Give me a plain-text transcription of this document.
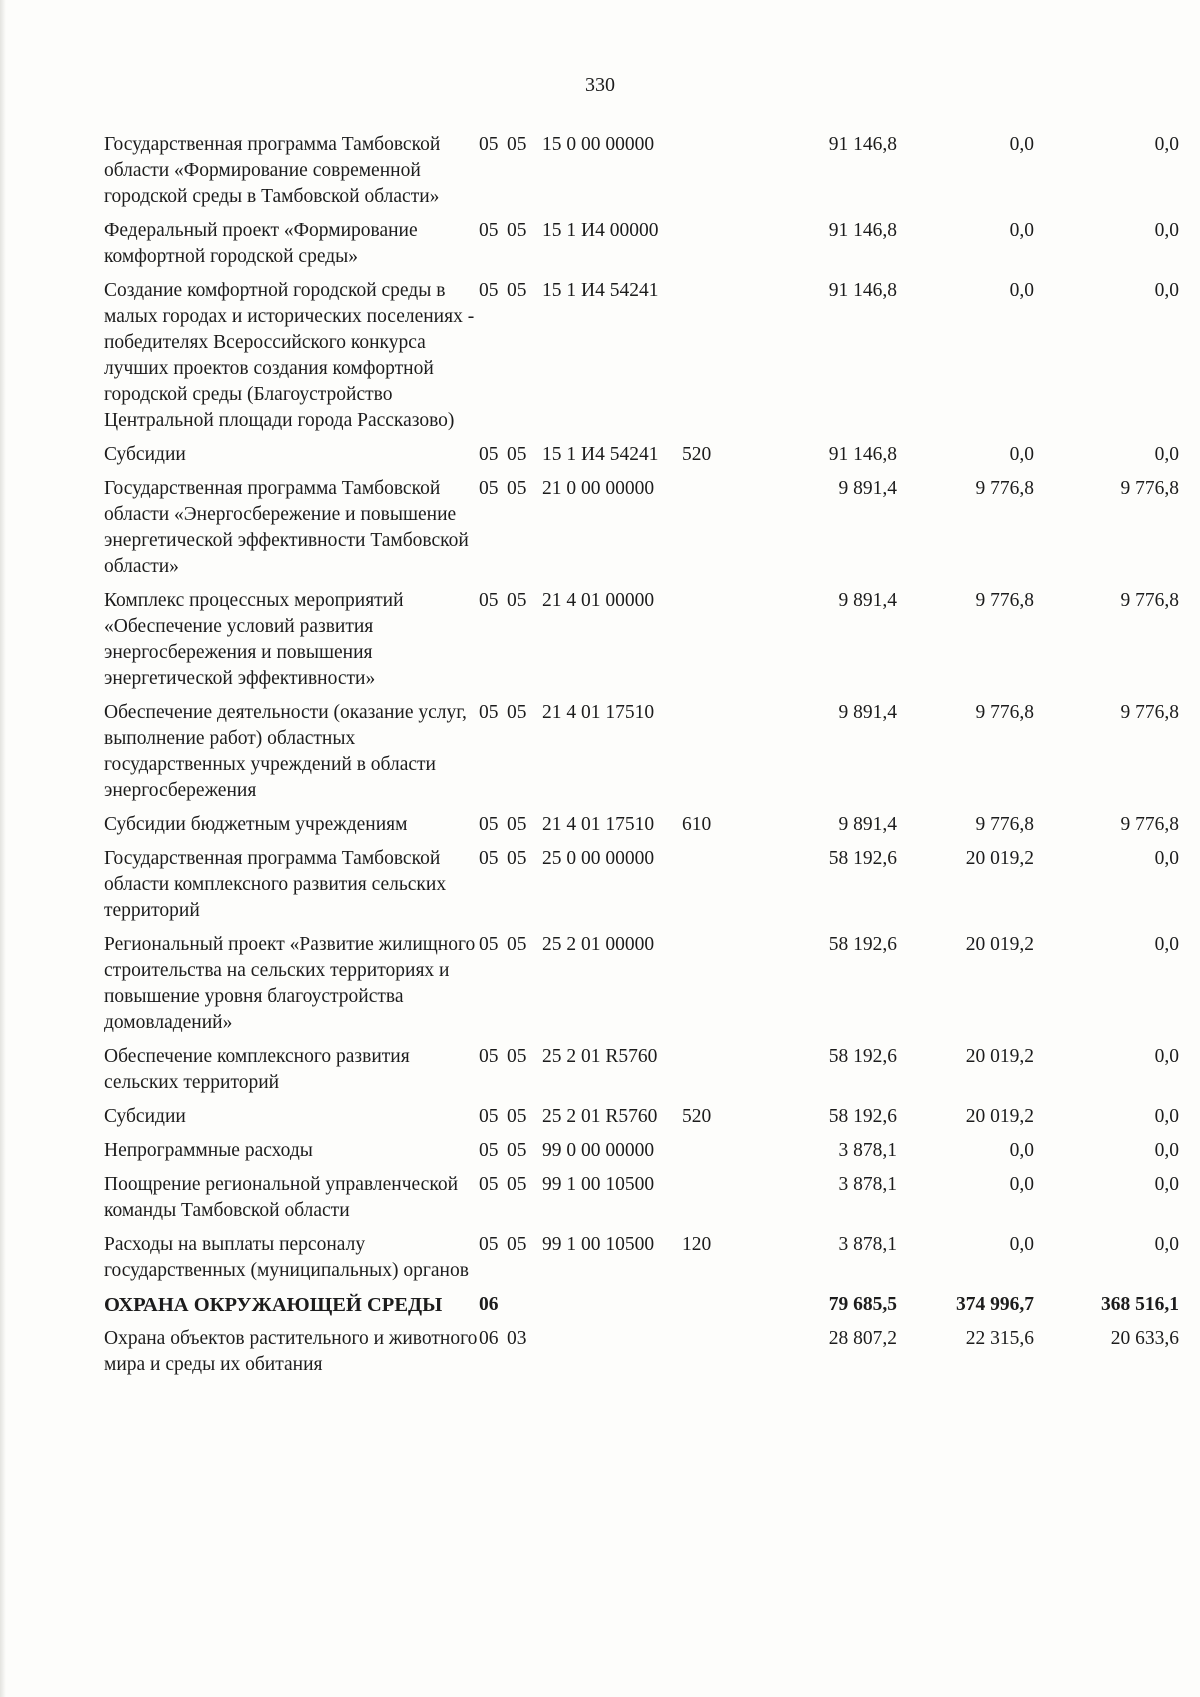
330
Государственная программа Тамбовской области «Формирование современной городской среды в Тамбовской области»	05	05	15 0 00 00000		91 146,8	0,0	0,0
Федеральный проект «Формирование комфортной городской среды»	05	05	15 1 И4 00000		91 146,8	0,0	0,0
Создание комфортной городской среды в малых городах и исторических поселениях - победителях Всероссийского конкурса лучших проектов создания комфортной городской среды (Благоустройство Центральной площади города Рассказово)	05	05	15 1 И4 54241		91 146,8	0,0	0,0
Субсидии	05	05	15 1 И4 54241	520	91 146,8	0,0	0,0
Государственная программа Тамбовской области «Энергосбережение и повышение энергетической эффективности Тамбовской области»	05	05	21 0 00 00000		9 891,4	9 776,8	9 776,8
Комплекс процессных мероприятий «Обеспечение условий развития энергосбережения и повышения энергетической эффективности»	05	05	21 4 01 00000		9 891,4	9 776,8	9 776,8
Обеспечение деятельности (оказание услуг, выполнение работ) областных государственных учреждений в области энергосбережения	05	05	21 4 01 17510		9 891,4	9 776,8	9 776,8
Субсидии бюджетным учреждениям	05	05	21 4 01 17510	610	9 891,4	9 776,8	9 776,8
Государственная программа Тамбовской области комплексного развития сельских территорий	05	05	25 0 00 00000		58 192,6	20 019,2	0,0
Региональный проект «Развитие жилищного строительства на сельских территориях и повышение уровня благоустройства домовладений»	05	05	25 2 01 00000		58 192,6	20 019,2	0,0
Обеспечение комплексного развития сельских территорий	05	05	25 2 01 R5760		58 192,6	20 019,2	0,0
Субсидии	05	05	25 2 01 R5760	520	58 192,6	20 019,2	0,0
Непрограммные расходы	05	05	99 0 00 00000		3 878,1	0,0	0,0
Поощрение региональной управленческой команды Тамбовской области	05	05	99 1 00 10500		3 878,1	0,0	0,0
Расходы на выплаты персоналу государственных (муниципальных) органов	05	05	99 1 00 10500	120	3 878,1	0,0	0,0
ОХРАНА ОКРУЖАЮЩЕЙ СРЕДЫ	06				79 685,5	374 996,7	368 516,1
Охрана объектов растительного и животного мира и среды их обитания	06	03			28 807,2	22 315,6	20 633,6
